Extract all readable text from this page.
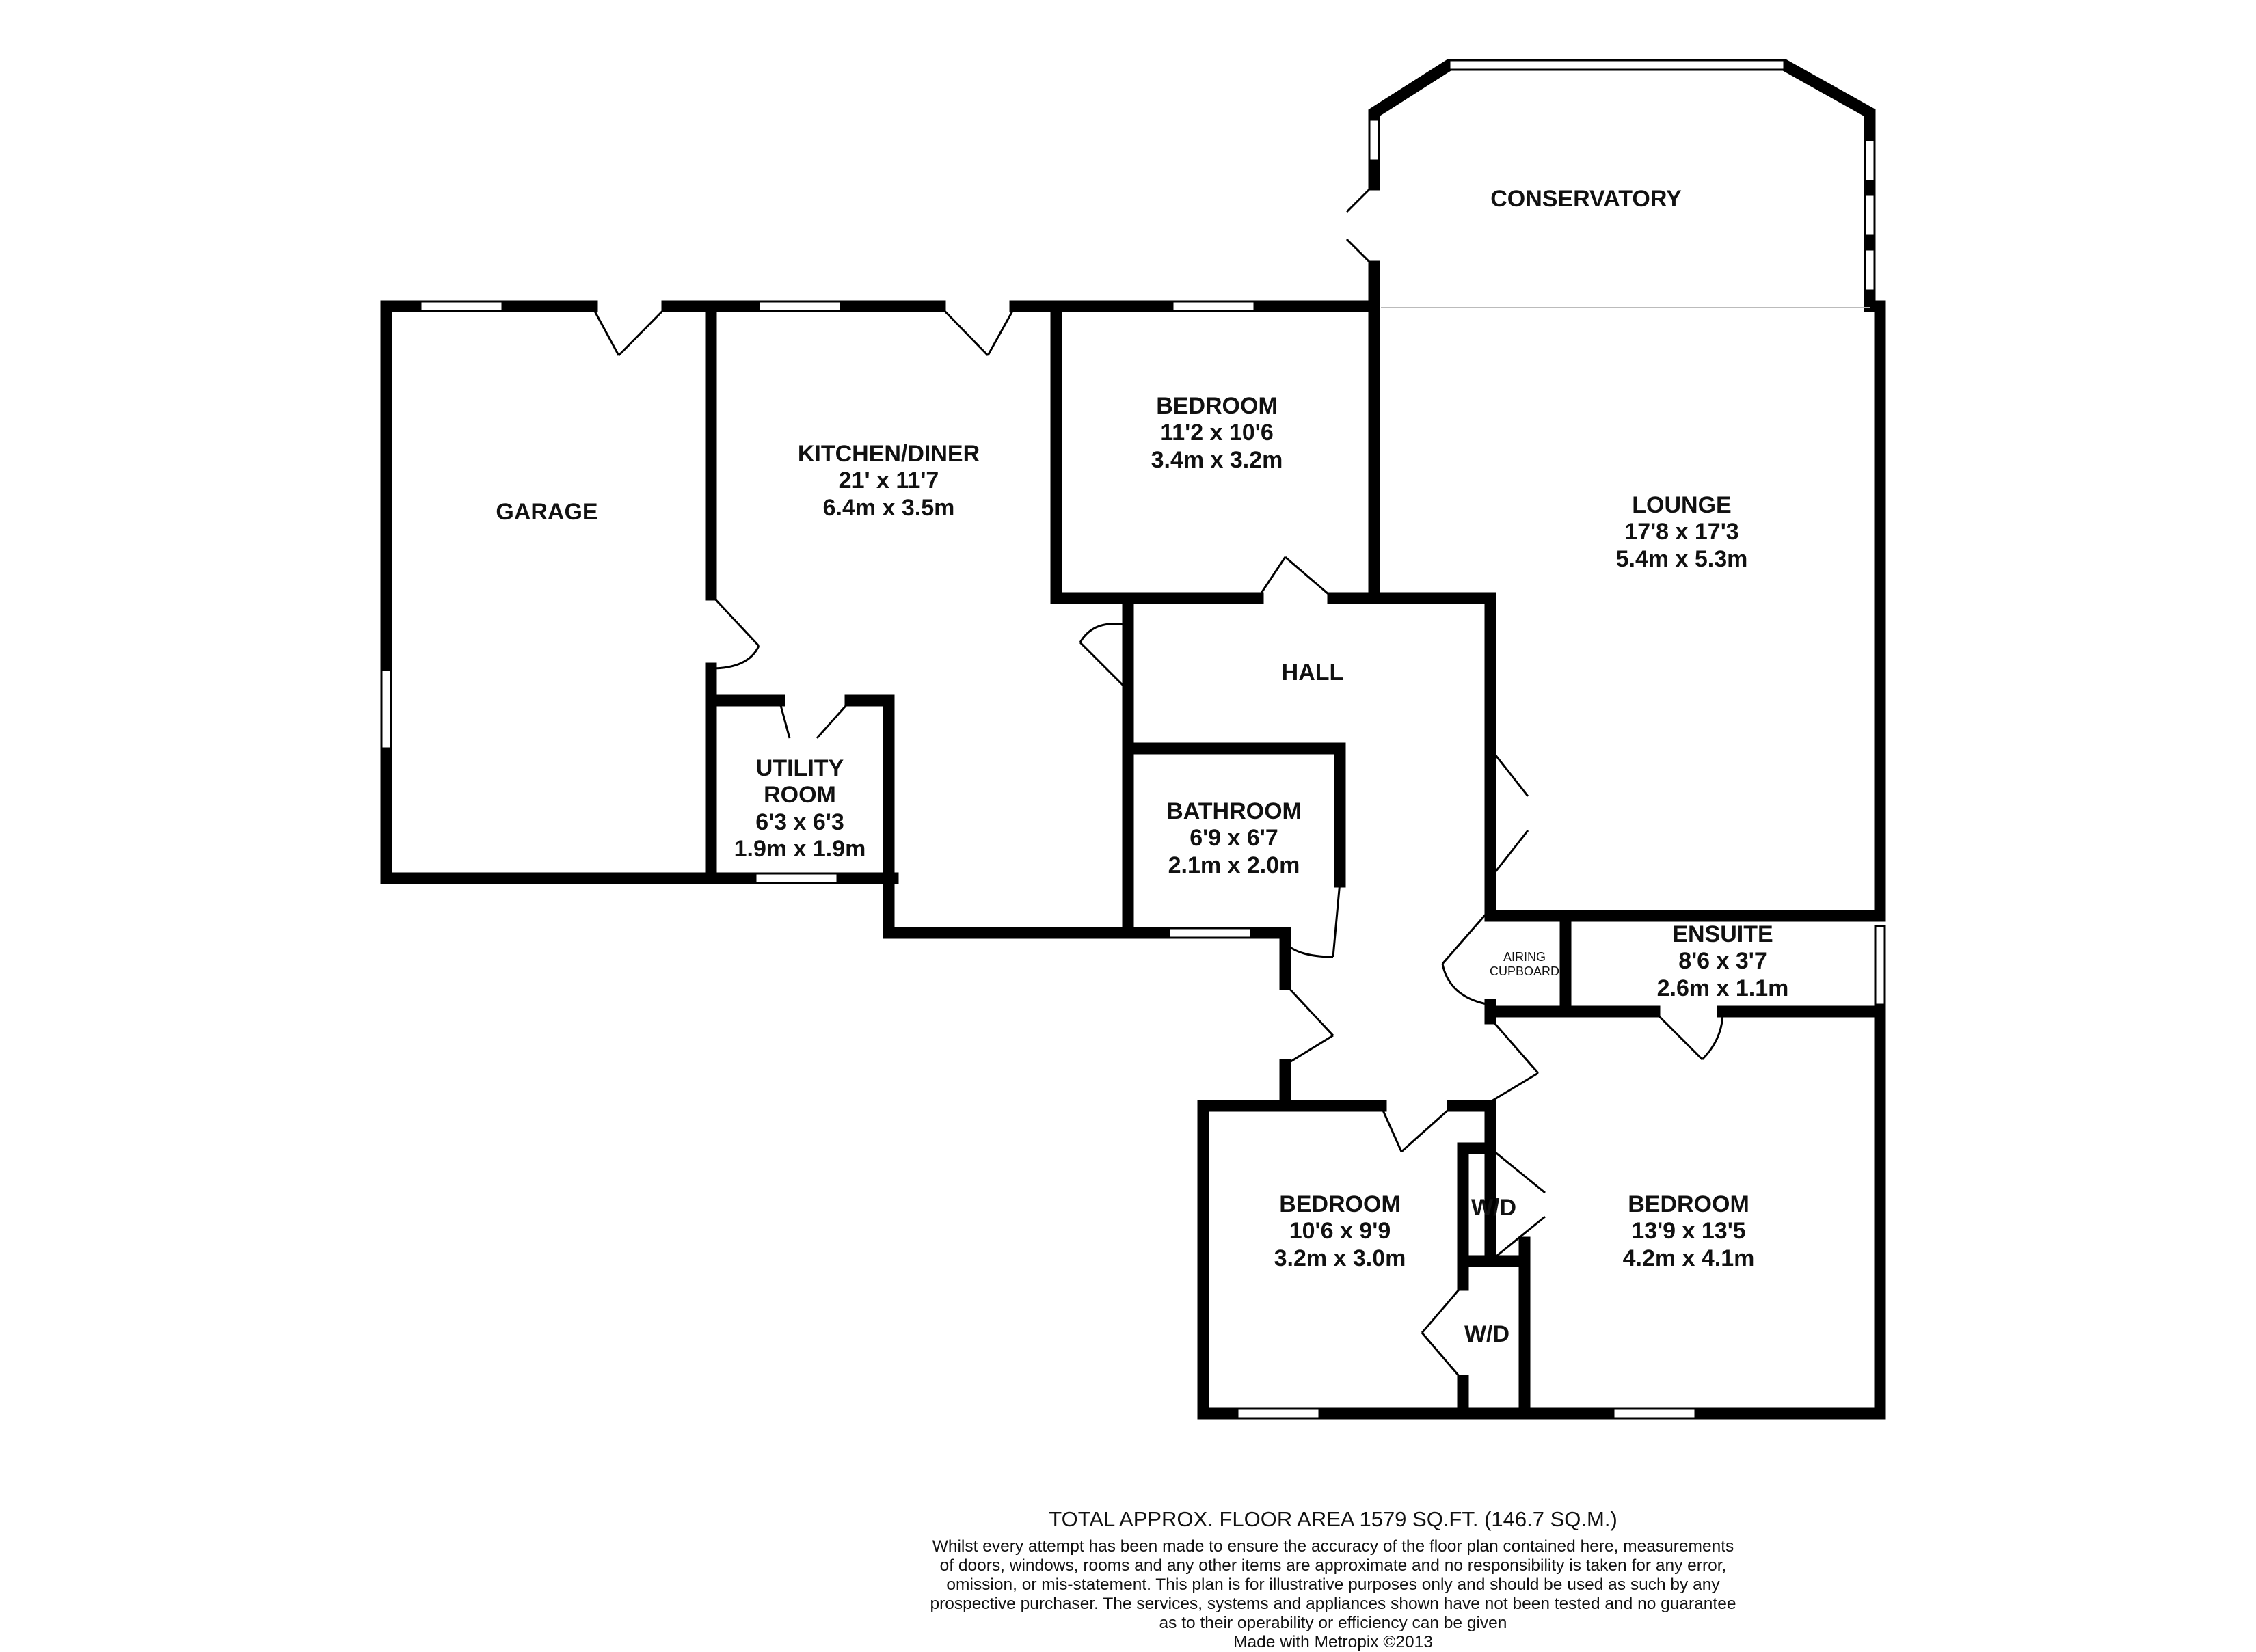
CONSERVATORY
GARAGE
KITCHEN/DINER
21' x 11'7
6.4m x 3.5m
BEDROOM
11'2 x 10'6
3.4m x 3.2m
LOUNGE
17'8 x 17'3
5.4m x 5.3m
HALL
UTILITY
ROOM
6'3 x 6'3
1.9m x 1.9m
BATHROOM
6'9 x 6'7
2.1m x 2.0m
AIRING
CUPBOARD
ENSUITE
8'6 x 3'7
2.6m x 1.1m
BEDROOM
10'6 x 9'9
3.2m x 3.0m
BEDROOM
13'9 x 13'5
4.2m x 4.1m
W/D
W/D
TOTAL APPROX. FLOOR AREA 1579 SQ.FT. (146.7 SQ.M.)
Whilst every attempt has been made to ensure the accuracy of the floor plan contained here, measurements
of doors, windows, rooms and any other items are approximate and no responsibility is taken for any error,
omission, or mis-statement. This plan is for illustrative purposes only and should be used as such by any
prospective purchaser. The services, systems and appliances shown have not been tested and no guarantee
as to their operability or efficiency can be given
Made with Metropix ©2013
